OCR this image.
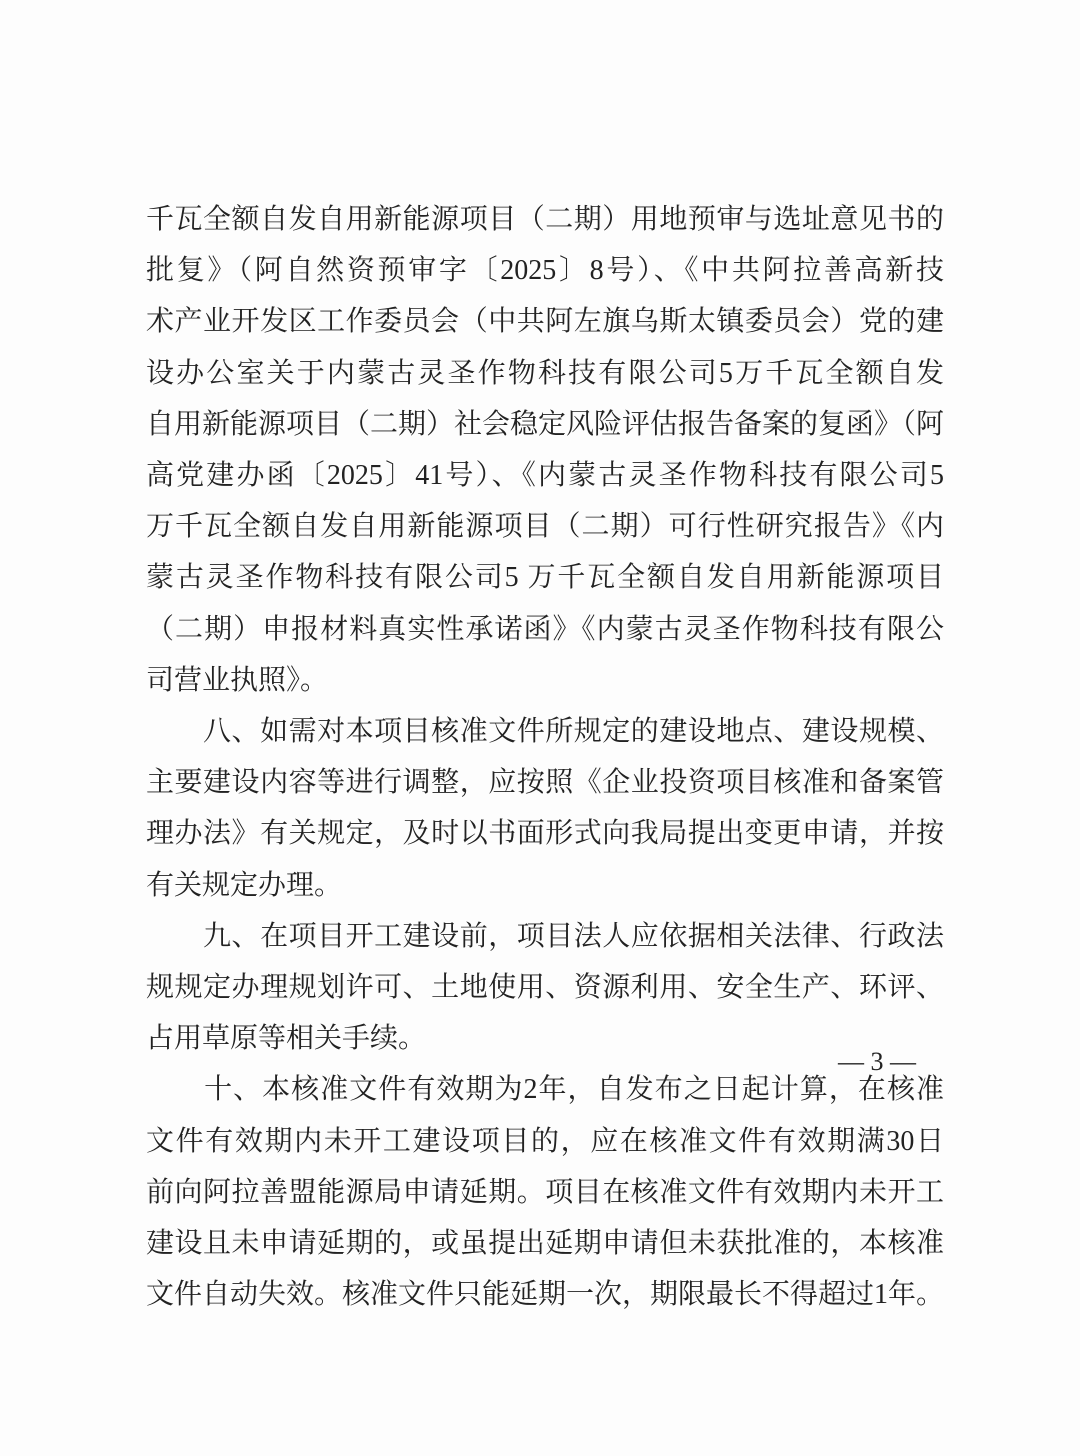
千瓦全额自发自用新能源项目（二期）用地预审与选址意见书的
批复》（阿自然资预审字〔2025〕8号）、《中共阿拉善高新技
术产业开发区工作委员会（中共阿左旗乌斯太镇委员会）党的建
设办公室关于内蒙古灵圣作物科技有限公司5万千瓦全额自发
自用新能源项目（二期）社会稳定风险评估报告备案的复函》（阿
高党建办函〔2025〕41号）、《内蒙古灵圣作物科技有限公司5
万千瓦全额自发自用新能源项目（二期）可行性研究报告》《内
蒙古灵圣作物科技有限公司5 万千瓦全额自发自用新能源项目
（二期）申报材料真实性承诺函》《内蒙古灵圣作物科技有限公
司营业执照》。
　　八、如需对本项目核准文件所规定的建设地点、建设规模、
主要建设内容等进行调整，应按照《企业投资项目核准和备案管
理办法》有关规定，及时以书面形式向我局提出变更申请，并按
有关规定办理。
　　九、在项目开工建设前，项目法人应依据相关法律、行政法
规规定办理规划许可、土地使用、资源利用、安全生产、环评、
占用草原等相关手续。
　　十、本核准文件有效期为2年，自发布之日起计算，在核准
文件有效期内未开工建设项目的，应在核准文件有效期满30日
前向阿拉善盟能源局申请延期。项目在核准文件有效期内未开工
建设且未申请延期的，或虽提出延期申请但未获批准的，本核准
文件自动失效。核准文件只能延期一次，期限最长不得超过1年。
— 3 —
